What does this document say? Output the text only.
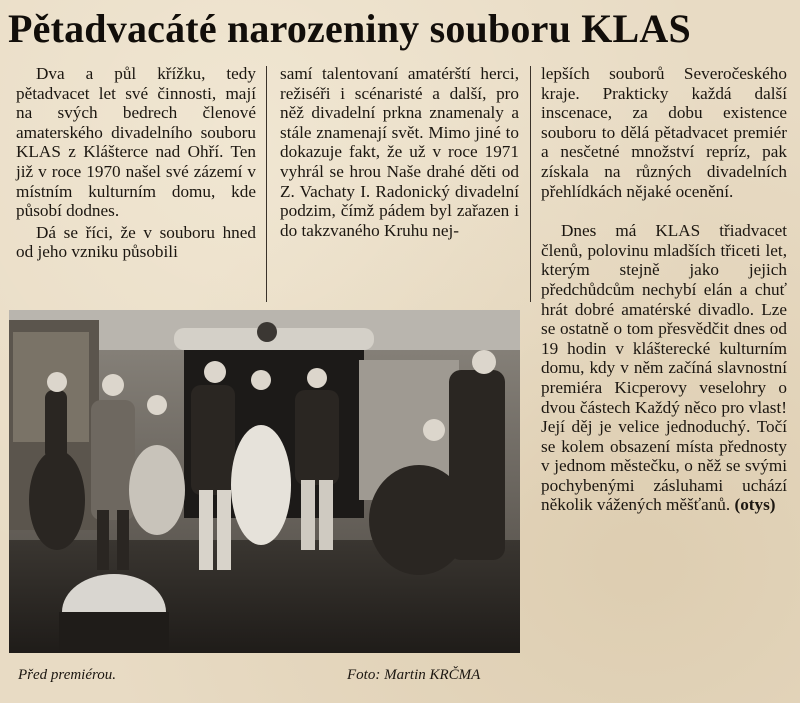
Pětadvacáté narozeniny souboru KLAS

Dva a půl křížku, tedy pětadvacet let své činnosti, mají na svých bedrech členové amaterského divadelního souboru KLAS z Klášterce nad Ohří. Ten již v roce 1970 našel své zázemí v místním kulturním domu, kde působí dodnes.

Dá se říci, že v souboru hned od jeho vzniku působili

samí talentovaní amatérští herci, režiséři i scénaristé a další, pro něž divadelní prkna znamenaly a stále znamenají svět. Mimo jiné to dokazuje fakt, že už v roce 1971 vyhrál se hrou Naše drahé děti od Z. Vachaty I. Radonický divadelní podzim, čímž pádem byl zařazen i do takzvaného Kruhu nej-

lepších souborů Severočeského kraje. Prakticky každá další inscenace, za dobu existence souboru to dělá pětadvacet premiér a nesčetné množství repríz, pak získala na různých divadelních přehlídkách nějaké ocenění.

Dnes má KLAS třiadvacet členů, polovinu mladších třiceti let, kterým stejně jako jejich předchůdcům nechybí elán a chuť hrát dobré amatérské divadlo. Lze se ostatně o tom přesvědčit dnes od 19 hodin v klášterecké kulturním domu, kdy v něm začíná slavnostní premiéra Kicperovy veselohry o dvou částech Každý něco pro vlast! Její děj je velice jednoduchý. Točí se kolem obsazení místa přednosty v jednom městečku, o něž se svými pochybenými zásluhami uchází několik vážených měšťanů. (otys)

Před premiérou.	Foto: Martin KRČMA
